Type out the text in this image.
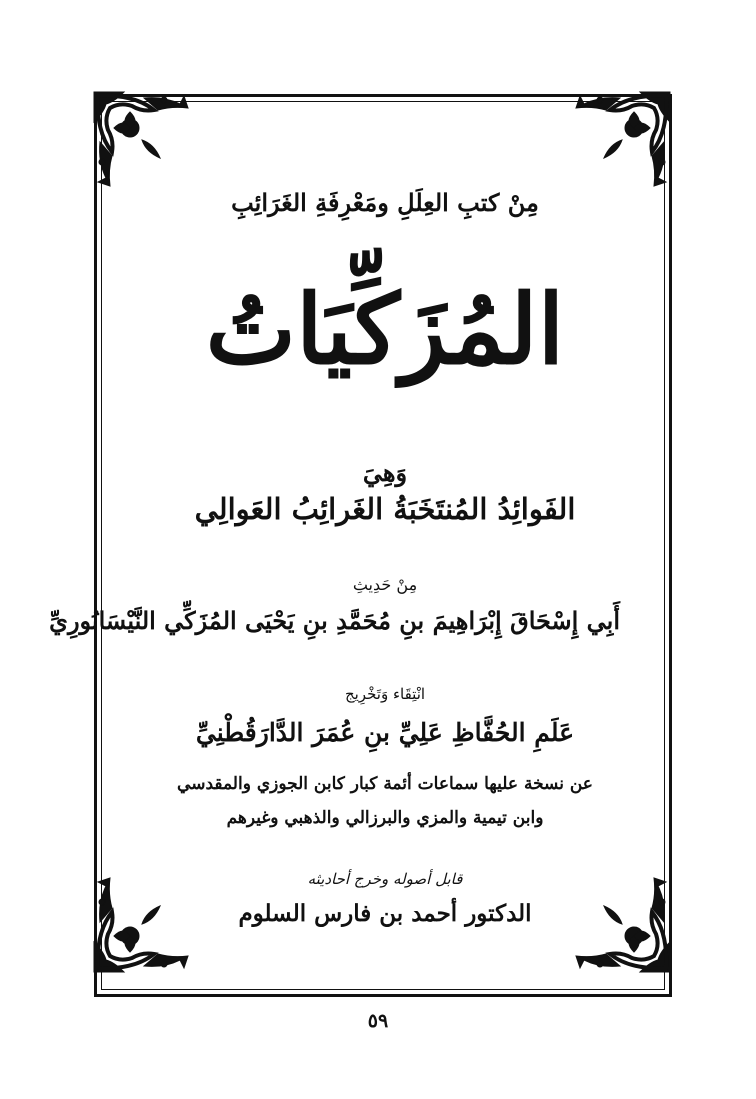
مِنْ كتبِ العِلَلِ ومَعْرِفَةِ الغَرَائِبِ
المُزَكِّيَاتُ
وَهِيَ
الفَوائِدُ المُنتَخَبَةُ الغَرائِبُ العَوالِي
مِنْ حَدِيثِ
أَبِي إِسْحَاقَ إِبْرَاهِيمَ بنِ مُحَمَّدِ بنِ يَحْيَى المُزَكِّي النَّيْسَابُورِيِّ
انْتِقَاء وَتَخْرِيج
عَلَمِ الحُفَّاظِ عَلِيِّ بنِ عُمَرَ الدَّارَقُطْنِيِّ
عن نسخة عليها سماعات أئمة كبار كابن الجوزي والمقدسي
وابن تيمية والمزي والبرزالي والذهبي وغيرهم
قابل أصوله وخرج أحاديثه
الدكتور أحمد بن فارس السلوم
٥٩
